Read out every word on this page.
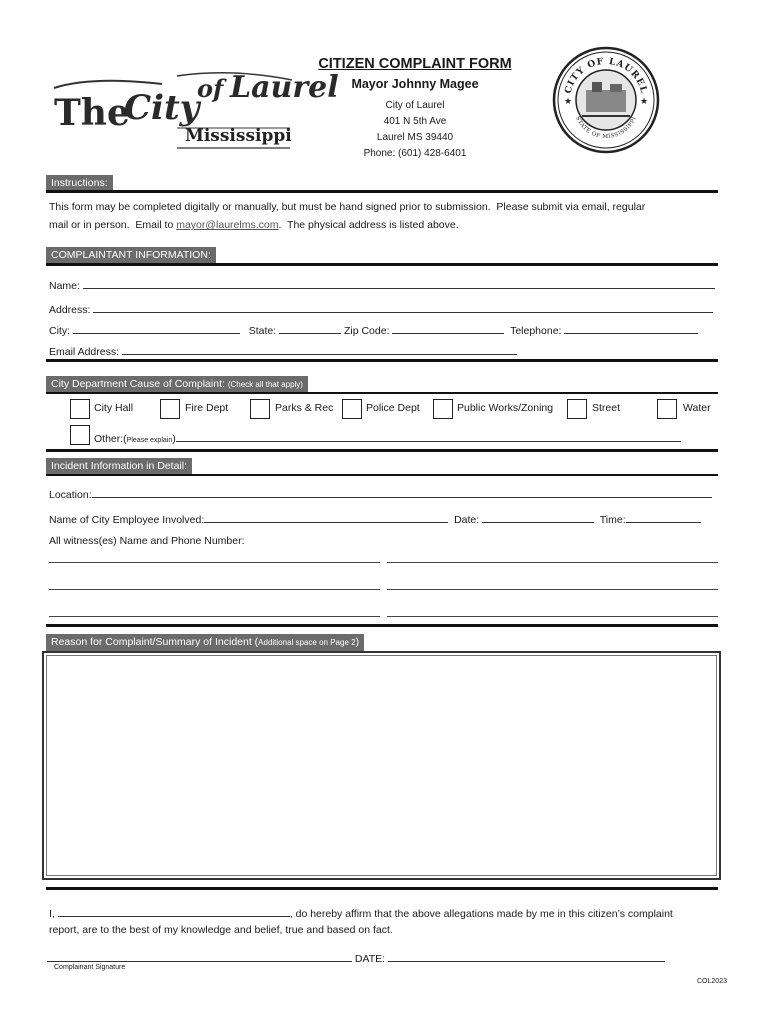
The
City
of Laurel
Mississippi
CITIZEN COMPLAINT FORM
Mayor Johnny Magee
City of Laurel
401 N 5th Ave
Laurel MS 39440
Phone: (601) 428-6401
CITY OF LAUREL
STATE OF MISSISSIPPI
★	★
Instructions:
This form may be completed digitally or manually, but must be hand signed prior to submission.  Please submit via email, regular
mail or in person.  Email to mayor@laurelms.com.  The physical address is listed above.
COMPLAINTANT INFORMATION:
Name:
Address:
City:	State:	Zip Code:	Telephone:
Email Address:
City Department Cause of Complaint: (Check all that apply)
City Hall	Fire Dept	Parks & Rec	Police Dept	Public Works/Zoning	Street	Water
Other:(Please explain)
Incident Information in Detail:
Location:
Name of City Employee Involved:	Date:	Time:
All witness(es) Name and Phone Number:
Reason for Complaint/Summary of Incident (Additional space on Page 2)
I,	, do hereby affirm that the above allegations made by me in this citizen’s complaint
report, are to the best of my knowledge and belief, true and based on fact.
DATE:
Complainant Signature
COL2023
